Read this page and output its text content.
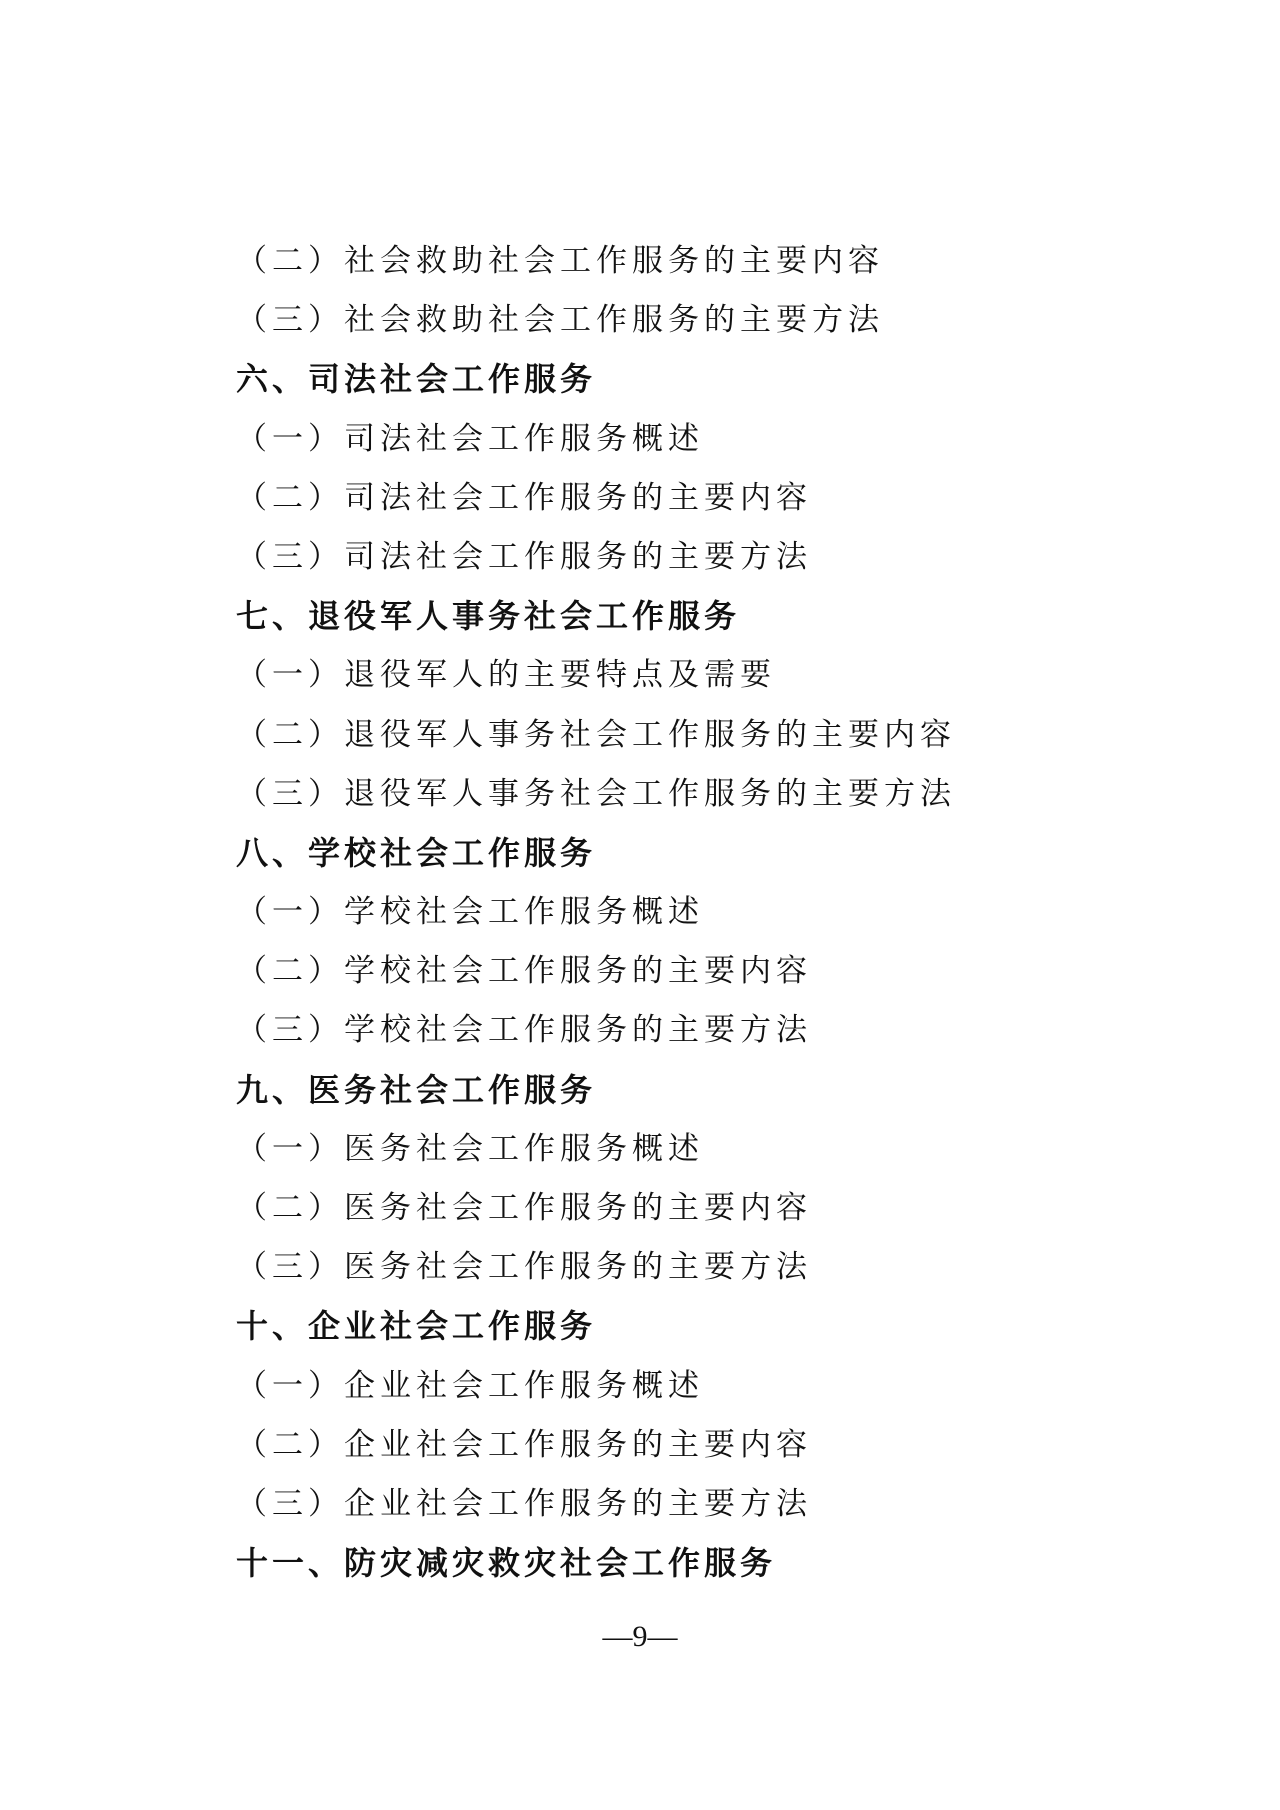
（二）社会救助社会工作服务的主要内容
（三）社会救助社会工作服务的主要方法
六、司法社会工作服务
（一）司法社会工作服务概述
（二）司法社会工作服务的主要内容
（三）司法社会工作服务的主要方法
七、退役军人事务社会工作服务
（一）退役军人的主要特点及需要
（二）退役军人事务社会工作服务的主要内容
（三）退役军人事务社会工作服务的主要方法
八、学校社会工作服务
（一）学校社会工作服务概述
（二）学校社会工作服务的主要内容
（三）学校社会工作服务的主要方法
九、医务社会工作服务
（一）医务社会工作服务概述
（二）医务社会工作服务的主要内容
（三）医务社会工作服务的主要方法
十、企业社会工作服务
（一）企业社会工作服务概述
（二）企业社会工作服务的主要内容
（三）企业社会工作服务的主要方法
十一、防灾减灾救灾社会工作服务
—9—
